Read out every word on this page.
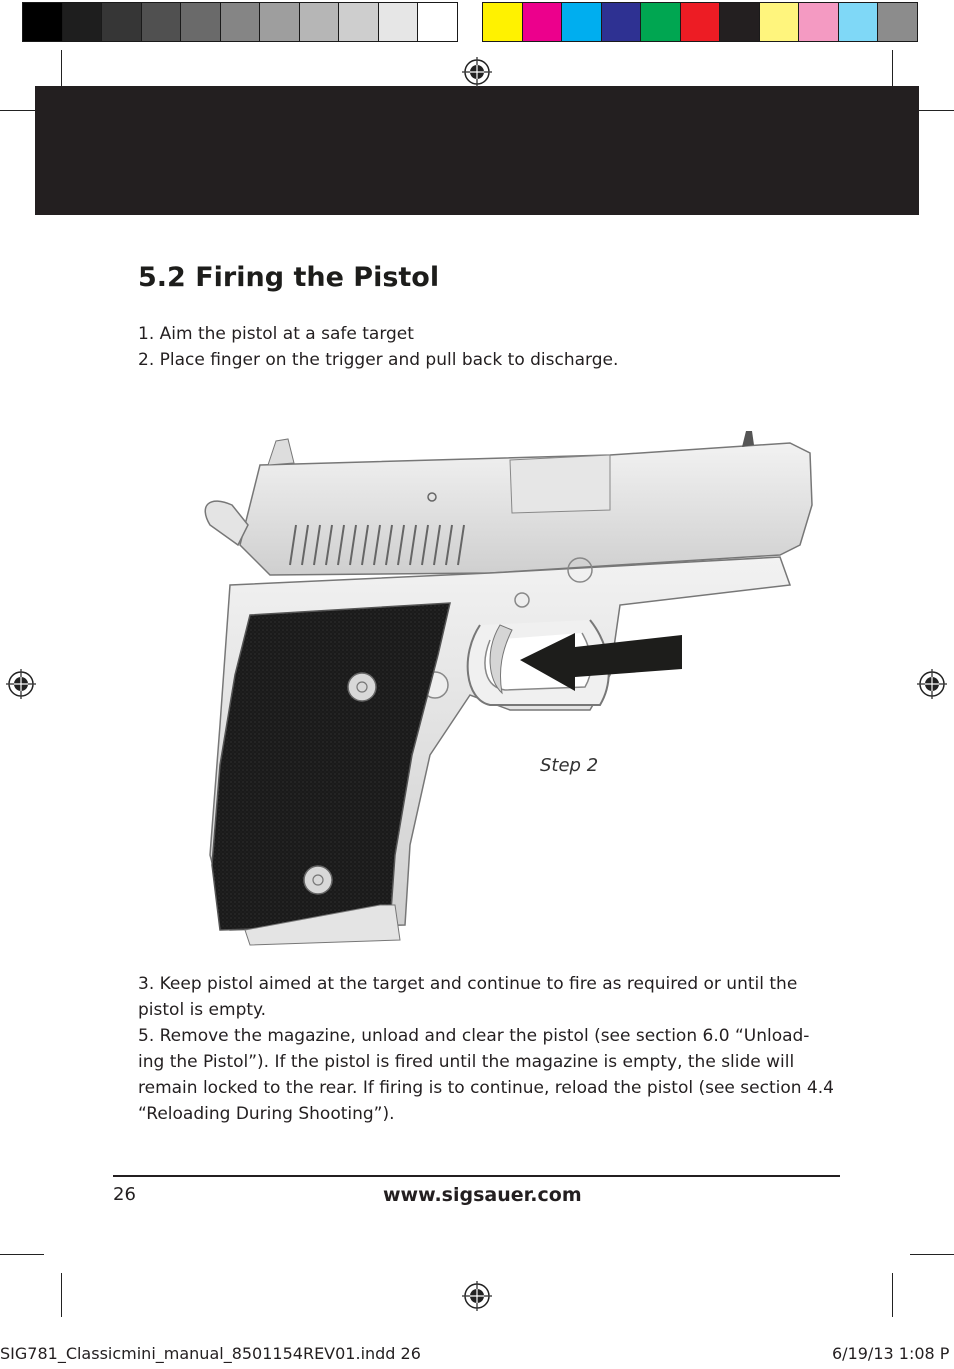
5.2 Firing the Pistol

1. Aim the pistol at a safe target

2. Place finger on the trigger and pull back to discharge.

Step 2

3. Keep pistol aimed at the target and continue to fire as required or until the

pistol is empty.

5. Remove the magazine, unload and clear the pistol (see section 6.0 “Unload-

ing the Pistol”). If the pistol is fired until the magazine is empty, the slide will

remain locked to the rear. If firing is to continue, reload the pistol (see section 4.4

“Reloading During Shooting”).

26	www.sigsauer.com
SIG781_Classicmini_manual_8501154REV01.indd 26	6/19/13 1:08 P
